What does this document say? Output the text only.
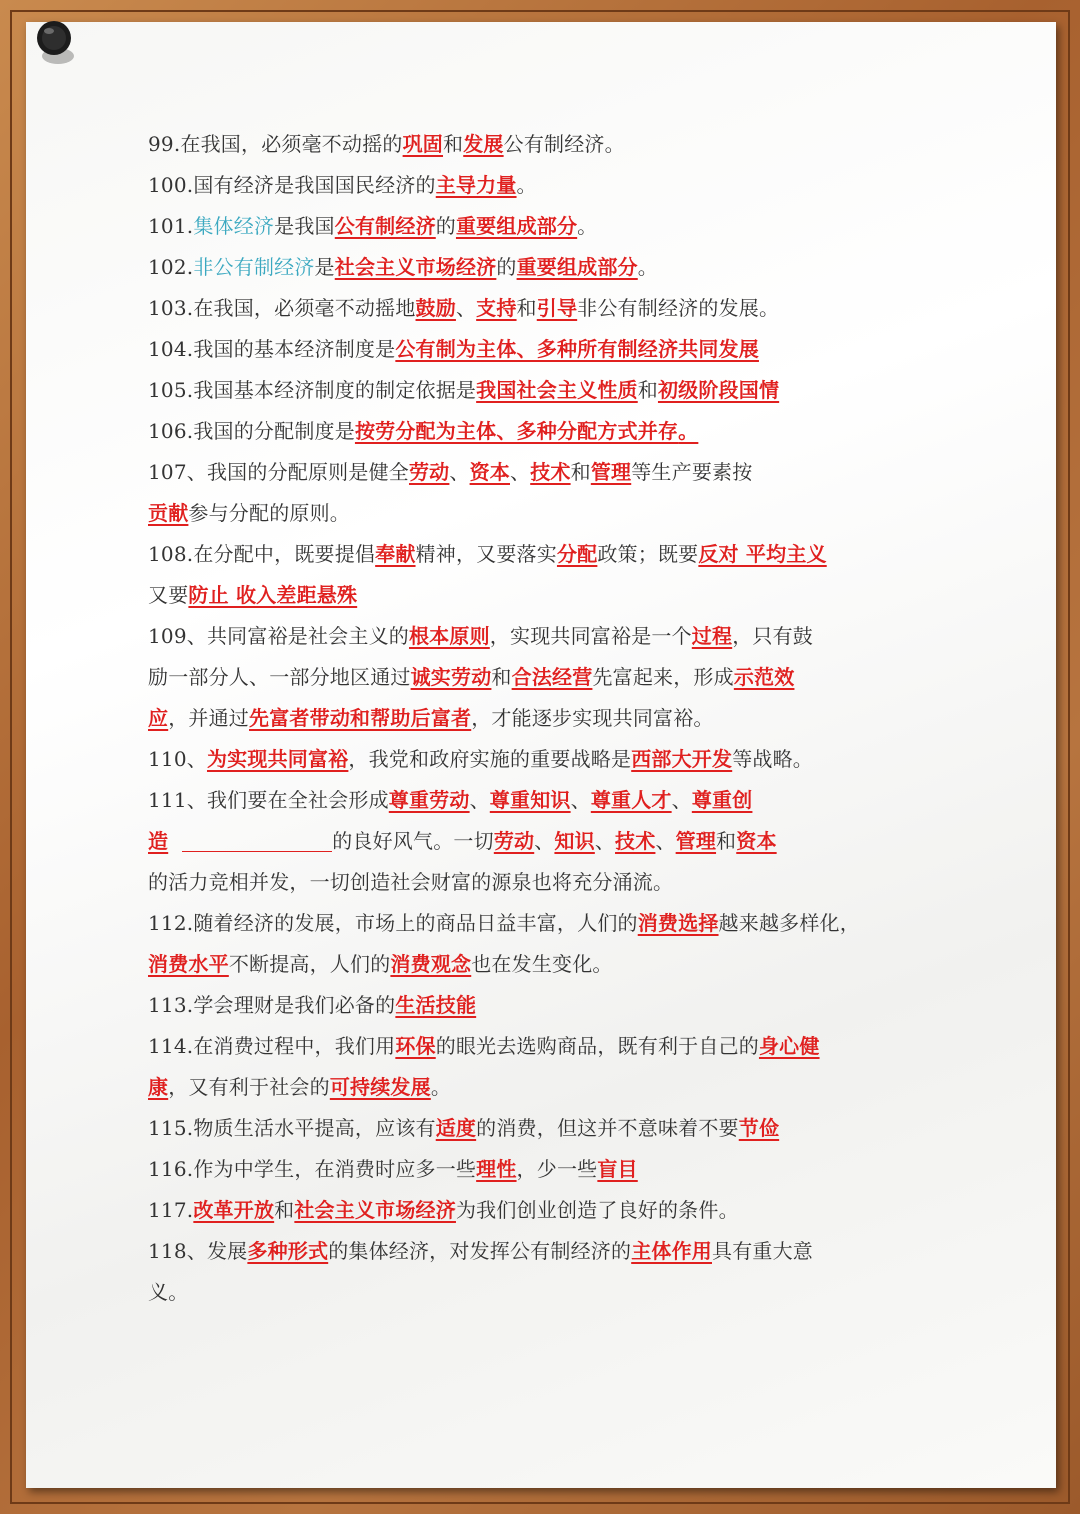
99.在我国，必须毫不动摇的巩固和发展公有制经济。
100.国有经济是我国国民经济的主导力量。
101.集体经济是我国公有制经济的重要组成部分。
102.非公有制经济是社会主义市场经济的重要组成部分。
103.在我国，必须毫不动摇地鼓励、支持和引导非公有制经济的发展。
104.我国的基本经济制度是公有制为主体、多种所有制经济共同发展
105.我国基本经济制度的制定依据是我国社会主义性质和初级阶段国情
106.我国的分配制度是按劳分配为主体、多种分配方式并存。
107、我国的分配原则是健全劳动、资本、技术和管理等生产要素按
贡献参与分配的原则。
108.在分配中，既要提倡奉献精神，又要落实分配政策；既要反对 平均主义
又要防止 收入差距悬殊
109、共同富裕是社会主义的根本原则，实现共同富裕是一个过程，只有鼓
励一部分人、一部分地区通过诚实劳动和合法经营先富起来，形成示范效
应，并通过先富者带动和帮助后富者，才能逐步实现共同富裕。
110、为实现共同富裕，我党和政府实施的重要战略是西部大开发等战略。
111、我们要在全社会形成尊重劳动、尊重知识、尊重人才、尊重创
造	的良好风气。一切劳动、知识、技术、管理和资本
的活力竞相并发，一切创造社会财富的源泉也将充分涌流。
112.随着经济的发展，市场上的商品日益丰富，人们的消费选择越来越多样化，
消费水平不断提高，人们的消费观念也在发生变化。
113.学会理财是我们必备的生活技能
114.在消费过程中，我们用环保的眼光去选购商品，既有利于自己的身心健
康，又有利于社会的可持续发展。
115.物质生活水平提高，应该有适度的消费，但这并不意味着不要节俭
116.作为中学生，在消费时应多一些理性，少一些盲目
117.改革开放和社会主义市场经济为我们创业创造了良好的条件。
118、发展多种形式的集体经济，对发挥公有制经济的主体作用具有重大意
义。
